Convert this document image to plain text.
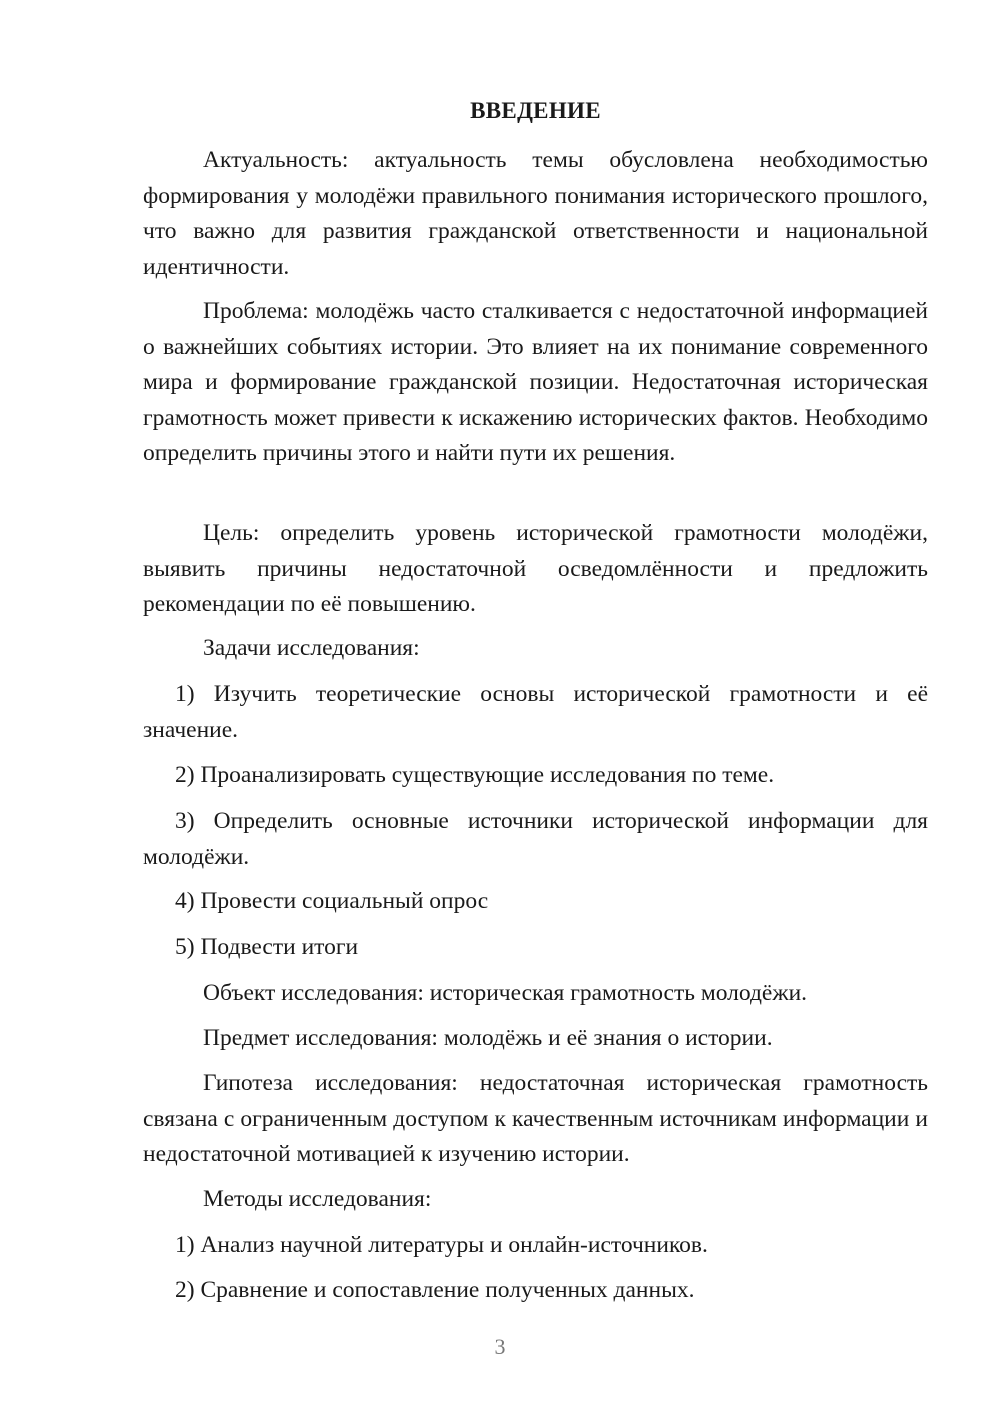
ВВЕДЕНИЕ

Актуальность: актуальность темы обусловлена необходимостью формирования у молодёжи правильного понимания исторического прошлого, что важно для развития гражданской ответственности и национальной идентичности.

Проблема: молодёжь часто сталкивается с недостаточной информацией о важнейших событиях истории. Это влияет на их понимание современного мира и формирование гражданской позиции. Недостаточная историческая грамотность может привести к искажению исторических фактов. Необходимо определить причины этого и найти пути их решения.

Цель: определить уровень исторической грамотности молодёжи, выявить причины недостаточной осведомлённости и предложить рекомендации по её повышению.

Задачи исследования:

1) Изучить теоретические основы исторической грамотности и её значение.

2) Проанализировать существующие исследования по теме.

3) Определить основные источники исторической информации для молодёжи.

4) Провести социальный опрос

5) Подвести итоги

Объект исследования: историческая грамотность молодёжи.

Предмет исследования: молодёжь и её знания о истории.

Гипотеза исследования: недостаточная историческая грамотность связана с ограниченным доступом к качественным источникам информации и недостаточной мотивацией к изучению истории.

Методы исследования:

1) Анализ научной литературы и онлайн-источников.

2) Сравнение и сопоставление полученных данных.

3
